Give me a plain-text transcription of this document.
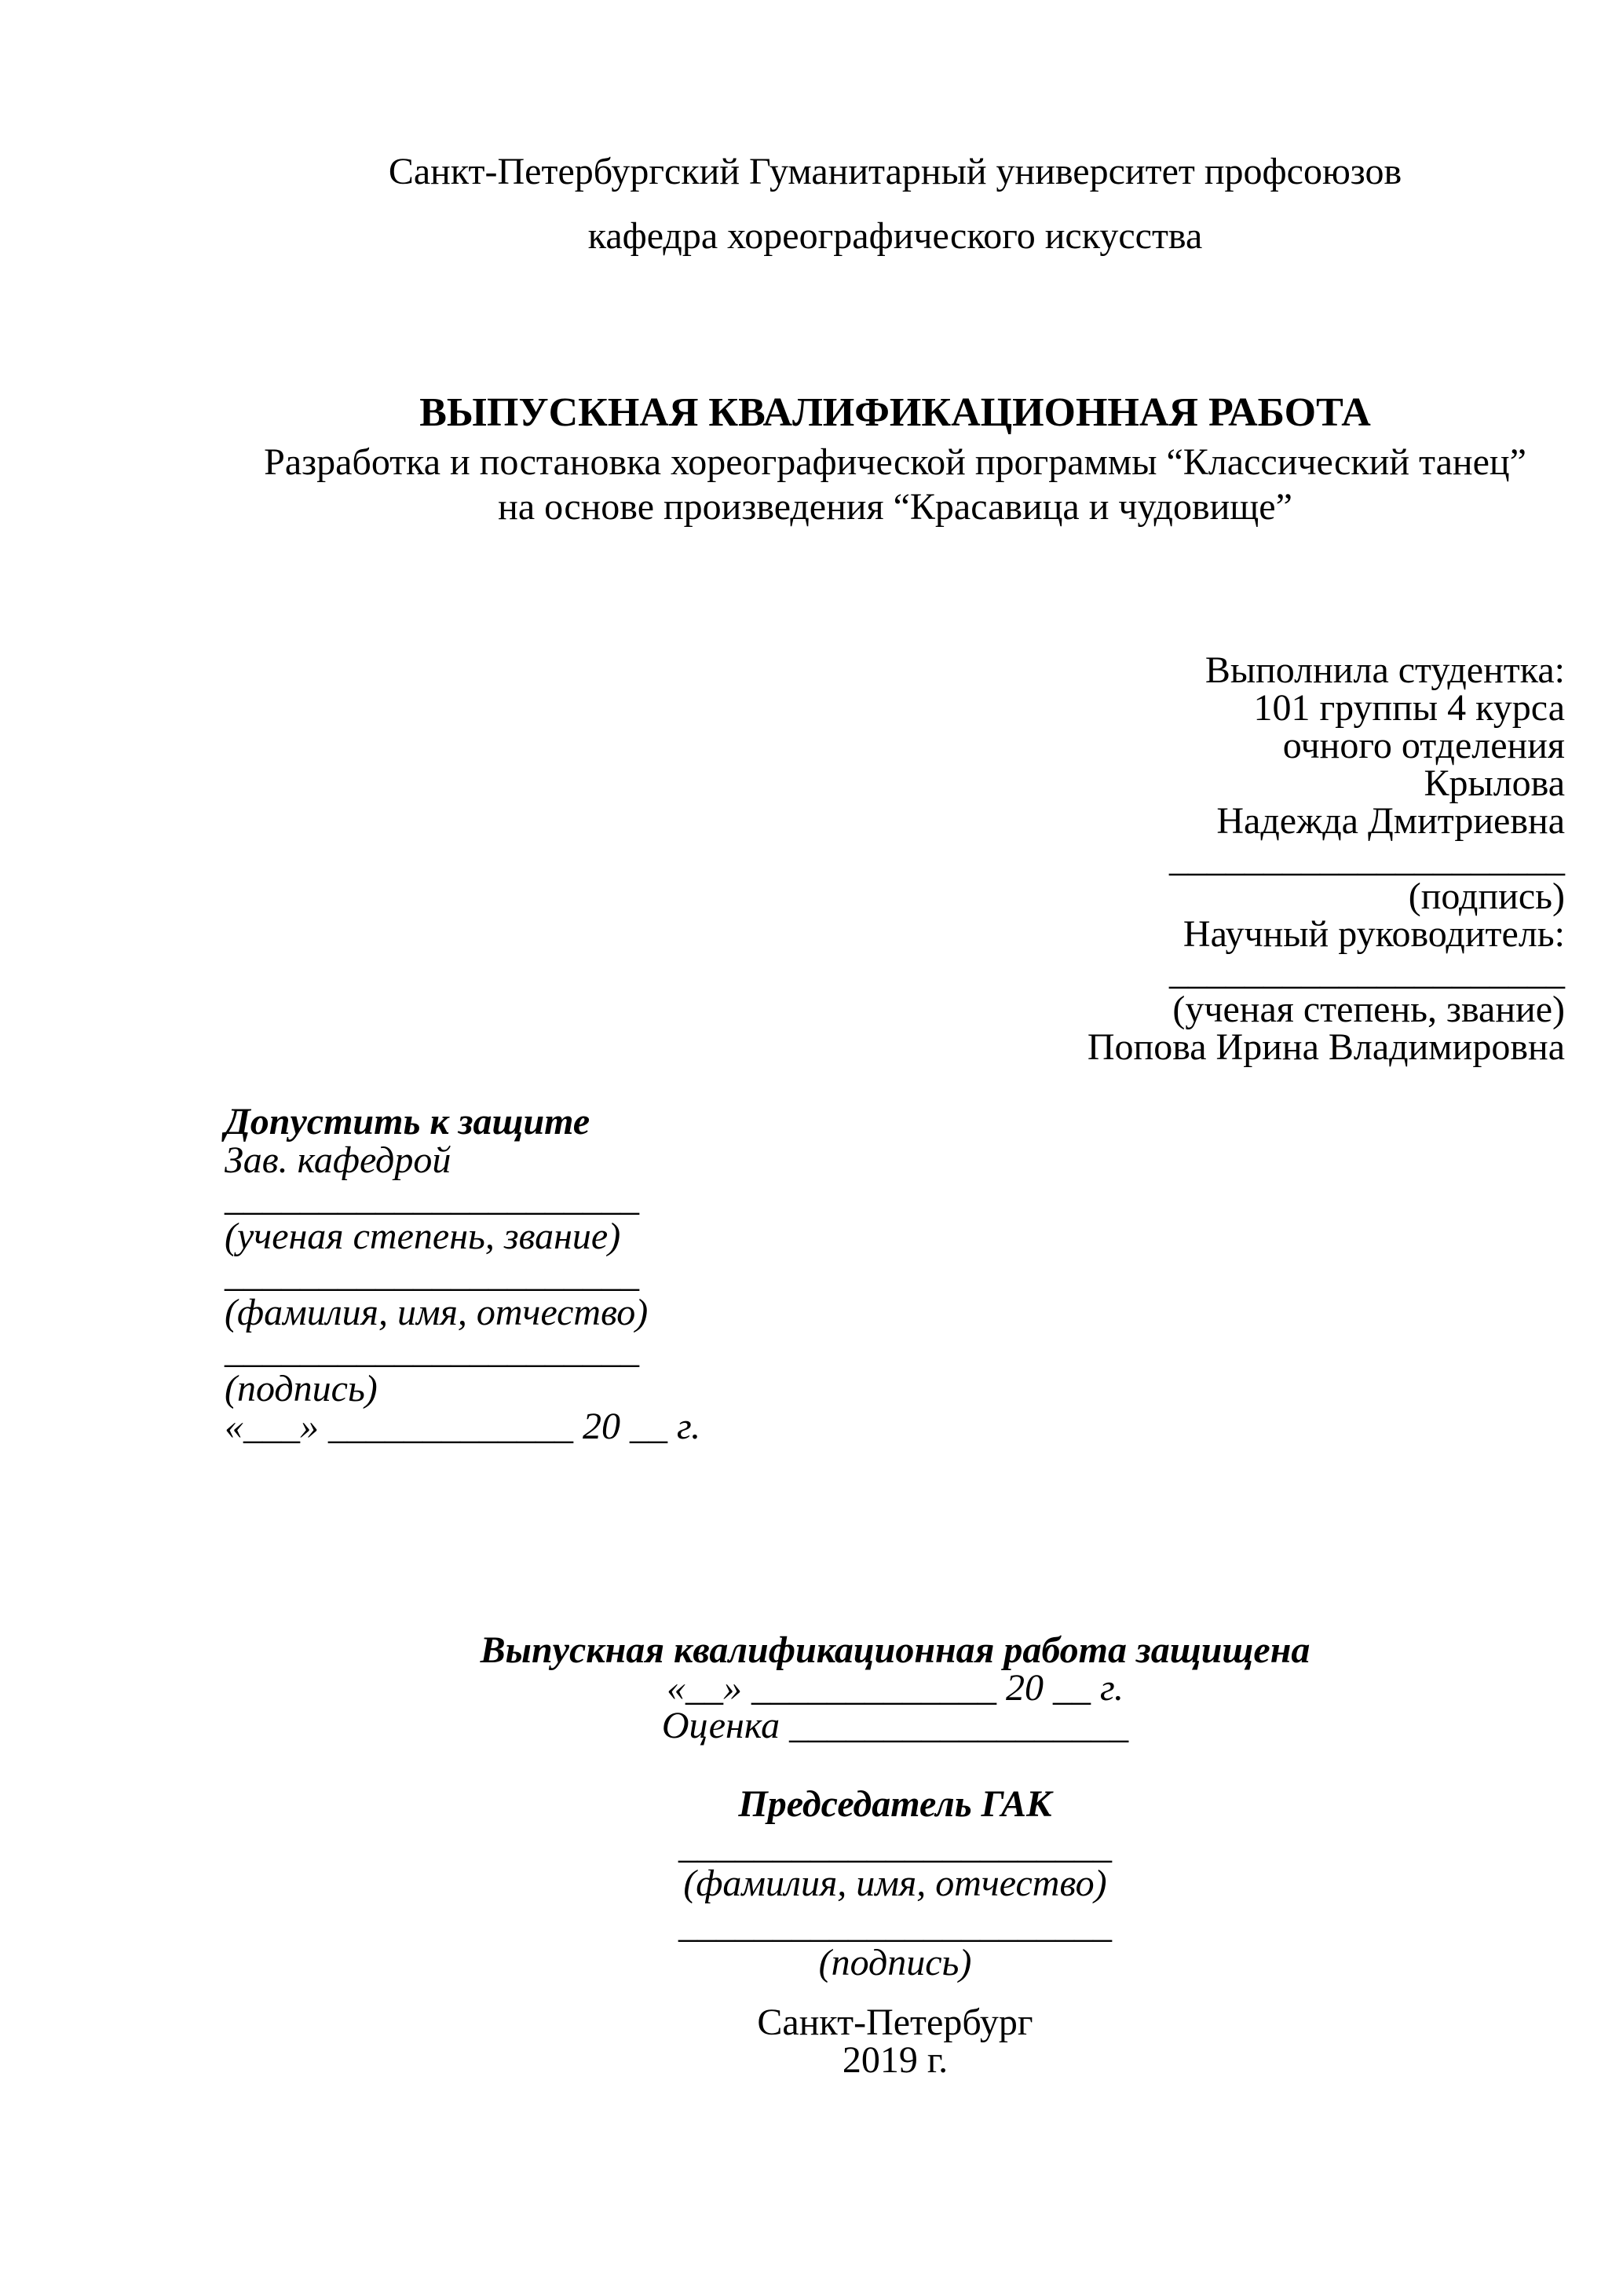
Санкт-Петербургский Гуманитарный университет профсоюзов
кафедра хореографического искусства
ВЫПУСКНАЯ КВАЛИФИКАЦИОННАЯ РАБОТА
Разработка и постановка хореографической программы “Классический танец”
на основе произведения “Красавица и чудовище”
Выполнила студентка:
101 группы 4 курса
очного отделения
Крылова
Надежда Дмитриевна
_____________________
(подпись)
Научный руководитель:
_____________________
(ученая степень, звание)
Попова Ирина Владимировна
Допустить к защите
Зав. кафедрой
______________________
(ученая степень, звание)
______________________
(фамилия, имя, отчество)
______________________
(подпись)
«___» _____________ 20 __ г.
Выпускная квалификационная работа защищена
«__» _____________ 20 __ г.
Оценка __________________
Председатель ГАК
_______________________
(фамилия, имя, отчество)
_______________________
(подпись)
Санкт-Петербург
2019 г.
